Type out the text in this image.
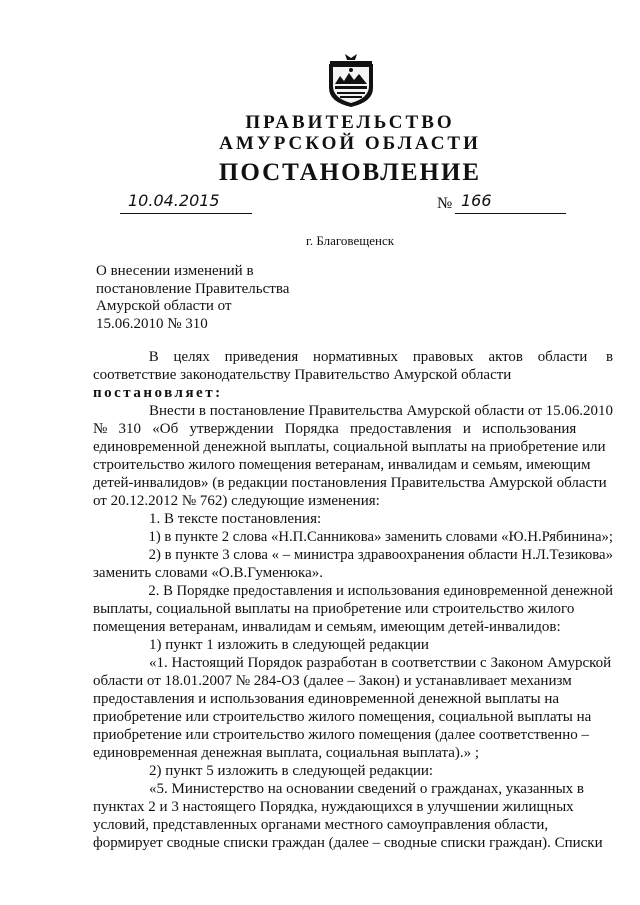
ПРАВИТЕЛЬСТВО
АМУРСКОЙ ОБЛАСТИ
ПОСТАНОВЛЕНИЕ
10.04.2015	№ 166
г. Благовещенск
О внесении изменений в
постановление Правительства
Амурской области от
15.06.2010 № 310
В    целях    приведения    нормативных    правовых    актов    области     в
соответствие законодательству Правительство Амурской области
постановляет:
Внести в постановление Правительства Амурской области от 15.06.2010
№   310   «Об   утверждении   Порядка   предоставления   и   использования
единовременной денежной выплаты, социальной выплаты на приобретение или
строительство жилого помещения ветеранам, инвалидам и семьям, имеющим
детей-инвалидов» (в редакции постановления Правительства Амурской области
от 20.12.2012 № 762) следующие изменения:
1. В тексте постановления:
1) в пункте 2 слова «Н.П.Санникова» заменить словами «Ю.Н.Рябинина»;
2) в пункте 3 слова « – министра здравоохранения области Н.Л.Тезикова»
заменить словами «О.В.Гуменюка».
2. В Порядке предоставления и использования единовременной денежной
выплаты, социальной выплаты на приобретение или строительство жилого
помещения ветеранам, инвалидам и семьям, имеющим детей-инвалидов:
1) пункт 1 изложить в следующей редакции
«1. Настоящий Порядок разработан в соответствии с Законом Амурской
области от 18.01.2007 № 284-ОЗ (далее – Закон) и устанавливает механизм
предоставления и использования единовременной денежной выплаты на
приобретение или строительство жилого помещения, социальной выплаты на
приобретение или строительство жилого помещения (далее соответственно –
единовременная денежная выплата, социальная выплата).» ;
2) пункт 5 изложить в следующей редакции:
«5. Министерство на основании сведений о гражданах, указанных в
пунктах 2 и 3 настоящего Порядка, нуждающихся в улучшении жилищных
условий, представленных органами местного самоуправления области,
формирует сводные списки граждан (далее – сводные списки граждан). Списки
